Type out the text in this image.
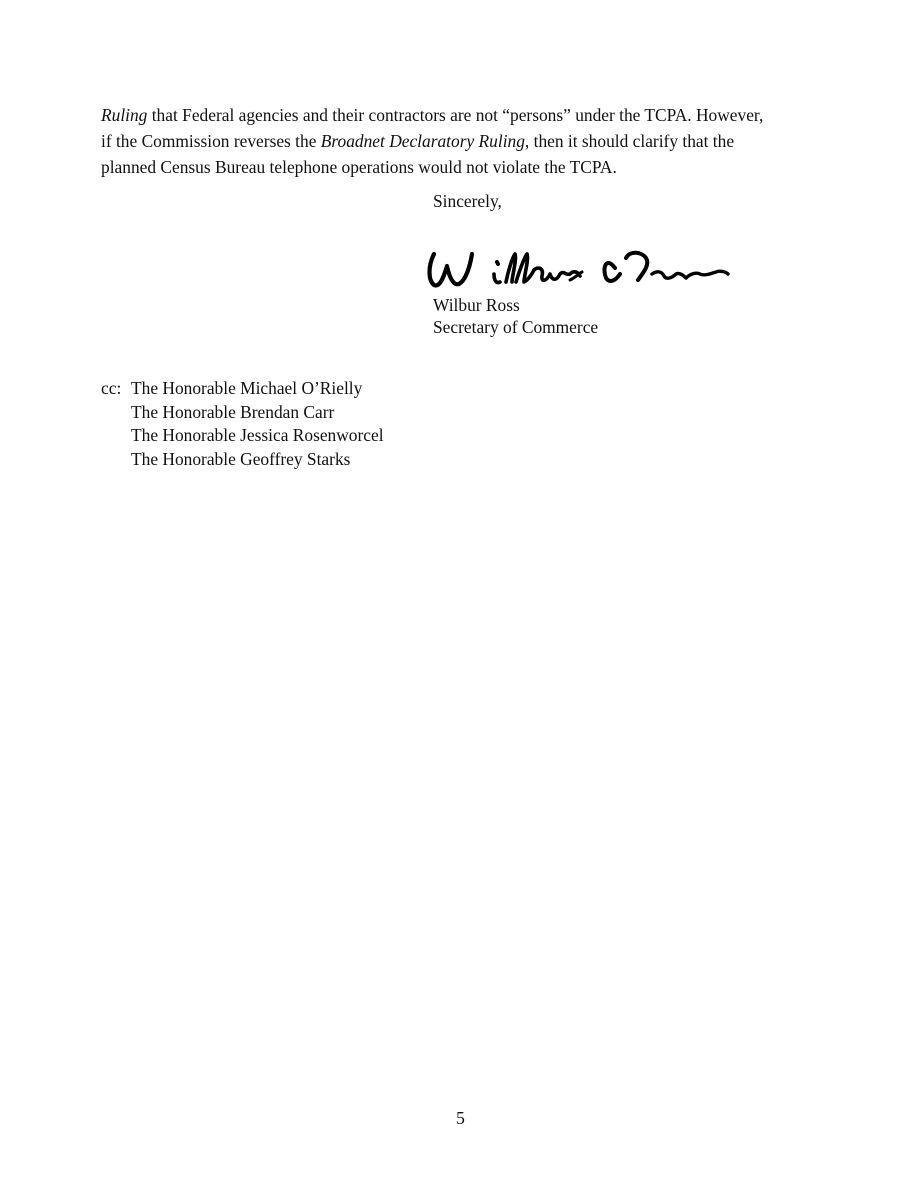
Ruling that Federal agencies and their contractors are not “persons” under the TCPA. However,
if the Commission reverses the Broadnet Declaratory Ruling, then it should clarify that the
planned Census Bureau telephone operations would not violate the TCPA.

Sincerely,
Wilbur Ross
Secretary of Commerce
cc: The Honorable Michael O’Rielly
The Honorable Brendan Carr
The Honorable Jessica Rosenworcel
The Honorable Geoffrey Starks
5
